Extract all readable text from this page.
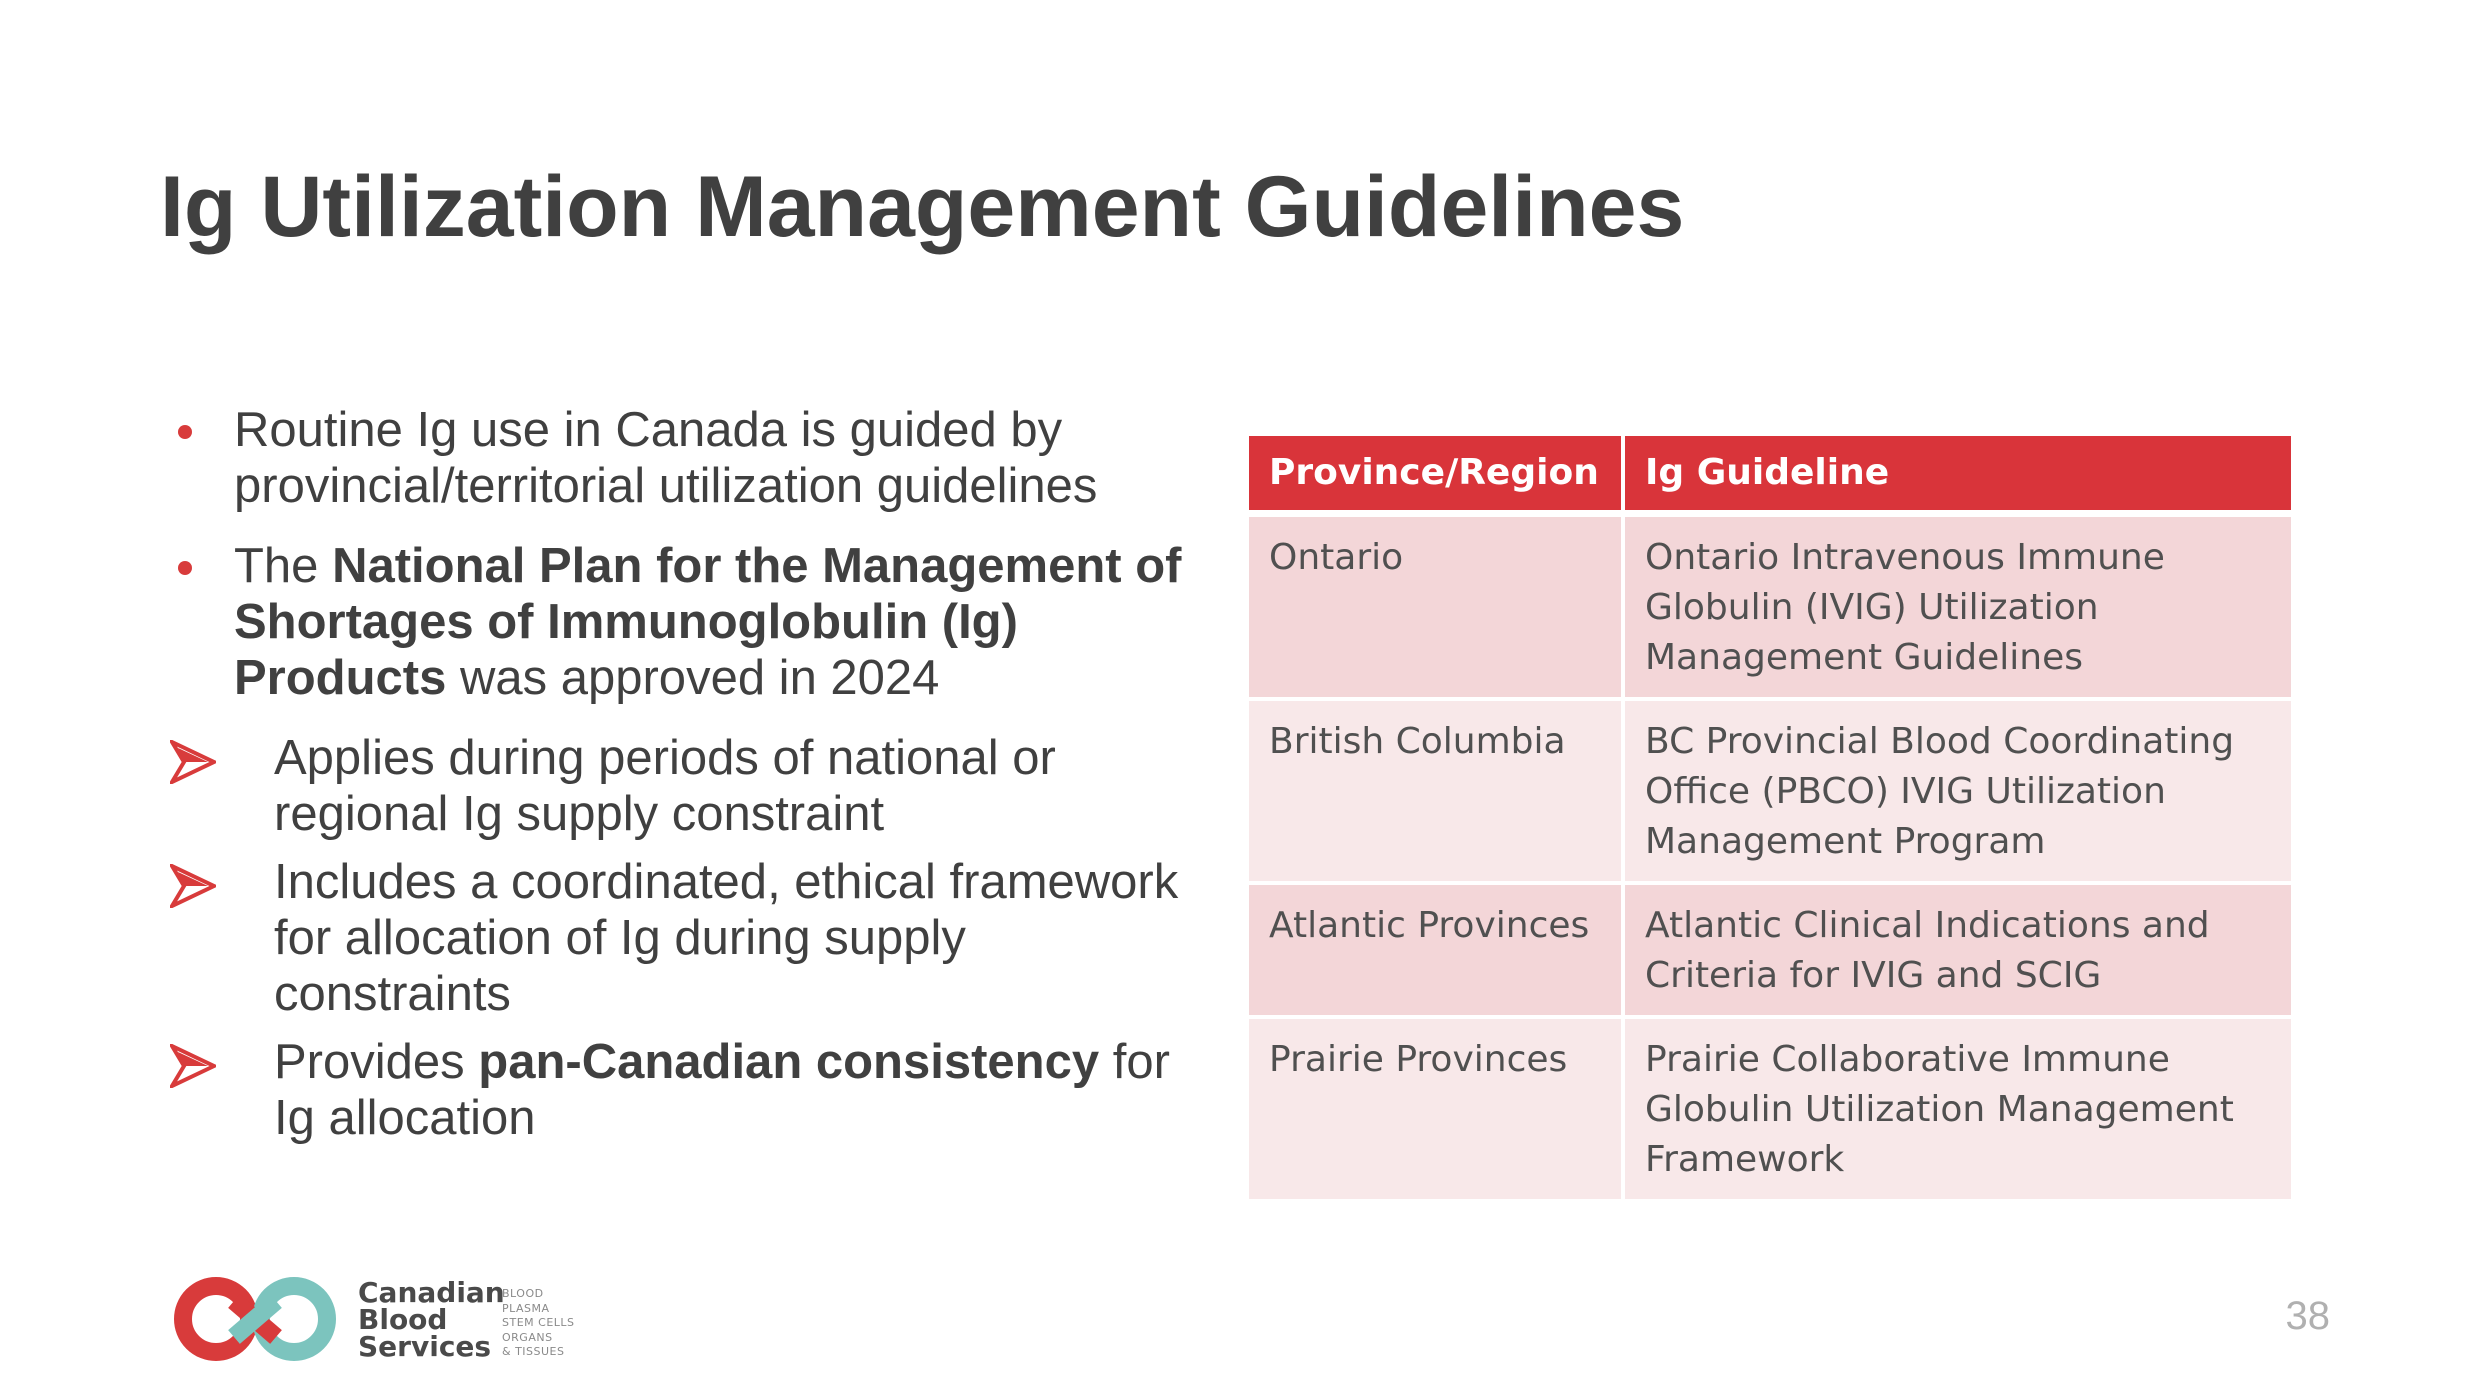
Ig Utilization Management Guidelines
Routine Ig use in Canada is guided by provincial/territorial utilization guidelines
The National Plan for the Management of Shortages of Immunoglobulin (Ig) Products was approved in 2024
Applies during periods of national or regional Ig supply constraint
Includes a coordinated, ethical framework for allocation of Ig during supply constraints
Provides pan-Canadian consistency for Ig allocation
Province/Region	Ig Guideline
Ontario	Ontario Intravenous Immune Globulin (IVIG) Utilization Management Guidelines
British Columbia	BC Provincial Blood Coordinating Office (PBCO) IVIG Utilization Management Program
Atlantic Provinces	Atlantic Clinical Indications and Criteria for IVIG and SCIG
Prairie Provinces	Prairie Collaborative Immune Globulin Utilization Management Framework
Canadian
Blood
Services
BLOOD
PLASMA
STEM CELLS
ORGANS
& TISSUES
38
